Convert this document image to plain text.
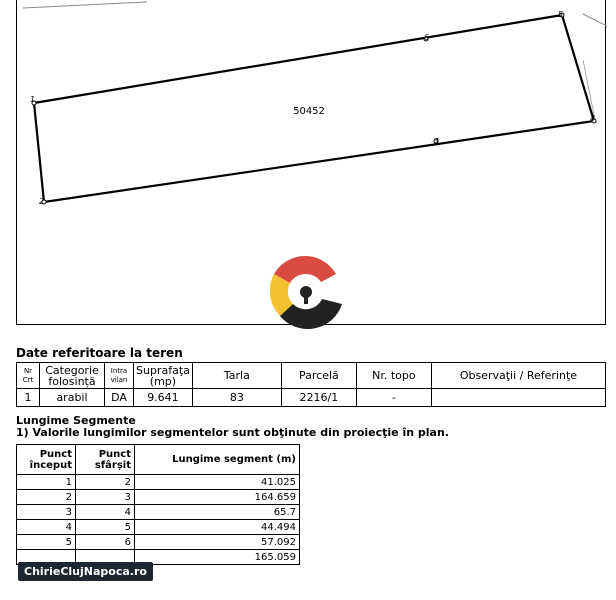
50452
1
2
3
4
5
6
Date referitoare la teren
Nr Crt	Categorie folosință	Intra vilan	Suprafaţa (mp)	Tarla	Parcelă	Nr. topo	Observaţii / Referinţe
1	arabil	DA	9.641	83	2216/1	-	
Lungime Segmente
1) Valorile lungimilor segmentelor sunt obţinute din proiecţie în plan.
Punct început	Punct sfârșit	Lungime segment (m)
1	2	41.025
2	3	164.659
3	4	65.7
4	5	44.494
5	6	57.092
		165.059
ChirieClujNapoca.ro
